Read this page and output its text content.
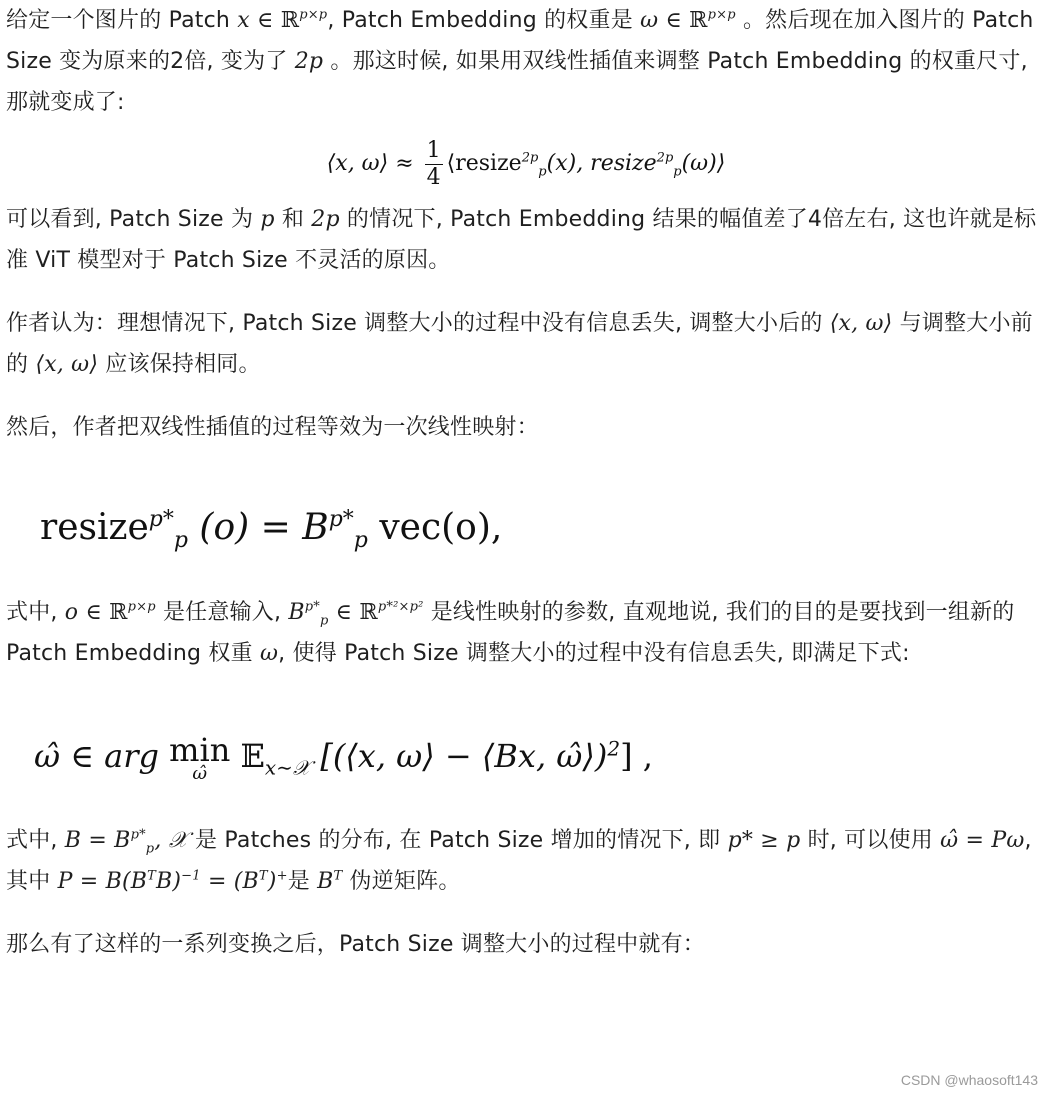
给定一个图片的 Patch x ∈ ℝ$^{p\times p}$, Patch Embedding 的权重是 ω ∈ ℝ$^{p\times p}$ 。然后现在加入图片的 Patch Size 变为原来的2倍, 变为了 2p 。那这时候, 如果用双线性插值来调整 Patch Embedding 的权重尺寸, 那就变成了:

⟨x, ω⟩ ≈ $\frac{1}{4}$ ⟨resize$^{2p}_p$(x), resize$^{2p}_p$(ω)⟩

可以看到, Patch Size 为 p 和 2p 的情况下, Patch Embedding 结果的幅值差了4倍左右, 这也许就是标准 ViT 模型对于 Patch Size 不灵活的原因。

作者认为：理想情况下, Patch Size 调整大小的过程中没有信息丢失, 调整大小后的 ⟨x, ω⟩ 与调整大小前的 ⟨x, ω⟩ 应该保持相同。

然后，作者把双线性插值的过程等效为一次线性映射：

resize$^{p*}_p$ $(o) = B^{p*}_p$ vec(o),

式中, o ∈ ℝ$^{p\times p}$ 是任意输入, $B^{p*}_p$ ∈ ℝ$^{p*^2\times p^2}$ 是线性映射的参数, 直观地说, 我们的目的是要找到一组新的 Patch Embedding 权重 ω, 使得 Patch Size 调整大小的过程中没有信息丢失, 即满足下式:

ω̂ ∈ arg min
ω̂ 𝔼$_{x\sim 𝒳}$ [(⟨x, ω⟩ − ⟨Bx, ω̂⟩)$^2$] ,

式中, $B = B^{p*}_p$, 𝒳 是 Patches 的分布, 在 Patch Size 增加的情况下, 即 p* ≥ p 时, 可以使用 ω̂ = Pω, 其中 $P = B(B^TB)^{-1} = (B^T)^+$是 $B^T$ 伪逆矩阵。

那么有了这样的一系列变换之后，Patch Size 调整大小的过程中就有：

CSDN @whaosoft143
